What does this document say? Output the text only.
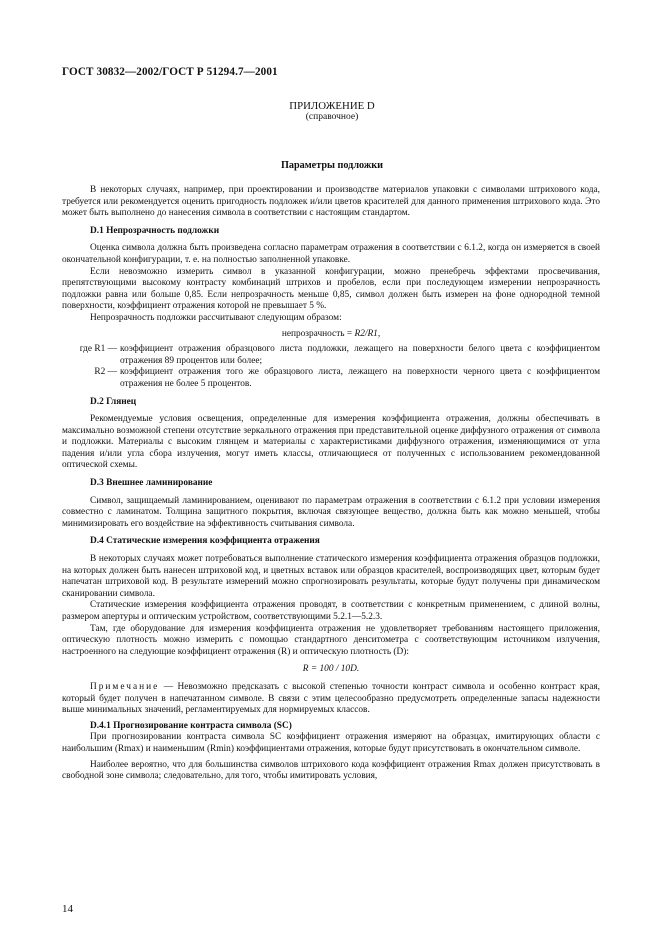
ГОСТ 30832—2002/ГОСТ Р 51294.7—2001
ПРИЛОЖЕНИЕ D
(справочное)
Параметры подложки

В некоторых случаях, например, при проектировании и производстве материалов упаковки с символами штрихового кода, требуется или рекомендуется оценить пригодность подложек и/или цветов красителей для данного применения штрихового кода. Это может быть выполнено до нанесения символа в соответствии с настоящим стандартом.

D.1 Непрозрачность подложки

Оценка символа должна быть произведена согласно параметрам отражения в соответствии с 6.1.2, когда он измеряется в своей окончательной конфигурации, т. е. на полностью заполненной упаковке.

Если невозможно измерить символ в указанной конфигурации, можно пренебречь эффектами просвечивания, препятствующими высокому контрасту комбинаций штрихов и пробелов, если при последующем измерении непрозрачность подложки равна или больше 0,85. Если непрозрачность меньше 0,85, символ должен быть измерен на фоне однородной темной поверхности, коэффициент отражения которой не превышает 5 %.

Непрозрачность подложки рассчитывают следующим образом:

непрозрачность = R2/R1,

где R1 — коэффициент отражения образцового листа подложки, лежащего на поверхности белого цвета с коэффициентом отражения 89 процентов или более;
R2 — коэффициент отражения того же образцового листа, лежащего на поверхности черного цвета с коэффициентом отражения не более 5 процентов.

D.2 Глянец

Рекомендуемые условия освещения, определенные для измерения коэффициента отражения, должны обеспечивать в максимально возможной степени отсутствие зеркального отражения при представительной оценке диффузного отражения от символа и подложки. Материалы с высоким глянцем и материалы с характеристиками диффузного отражения, изменяющимися от угла падения и/или угла сбора излучения, могут иметь классы, отличающиеся от полученных с использованием рекомендованной оптической схемы.

D.3 Внешнее ламинирование

Символ, защищаемый ламинированием, оценивают по параметрам отражения в соответствии с 6.1.2 при условии измерения совместно с ламинатом. Толщина защитного покрытия, включая связующее вещество, должна быть как можно меньшей, чтобы минимизировать его воздействие на эффективность считывания символа.

D.4 Статические измерения коэффициента отражения

В некоторых случаях может потребоваться выполнение статического измерения коэффициента отражения образцов подложки, на которых должен быть нанесен штриховой код, и цветных вставок или образцов красителей, воспроизводящих цвет, которым будет напечатан штриховой код. В результате измерений можно спрогнозировать результаты, которые будут получены при динамическом сканировании символа.

Статические измерения коэффициента отражения проводят, в соответствии с конкретным применением, с длиной волны, размером апертуры и оптическим устройством, соответствующими 5.2.1—5.2.3.

Там, где оборудование для измерения коэффициента отражения не удовлетворяет требованиям настоящего приложения, оптическую плотность можно измерить с помощью стандартного денситометра с соответствующим источником излучения, настроенного на следующие коэффициент отражения (R) и оптическую плотность (D):

R = 100 / 10D.

Примечание — Невозможно предсказать с высокой степенью точности контраст символа и особенно контраст края, который будет получен в напечатанном символе. В связи с этим целесообразно предусмотреть определенные запасы надежности выше минимальных значений, регламентируемых для нормируемых классов.

D.4.1 Прогнозирование контраста символа (SC)

При прогнозировании контраста символа SC коэффициент отражения измеряют на образцах, имитирующих области с наибольшим (Rmax) и наименьшим (Rmin) коэффициентами отражения, которые будут присутствовать в окончательном символе.

Наиболее вероятно, что для большинства символов штрихового кода коэффициент отражения Rmax должен присутствовать в свободной зоне символа; следовательно, для того, чтобы имитировать условия,

14
